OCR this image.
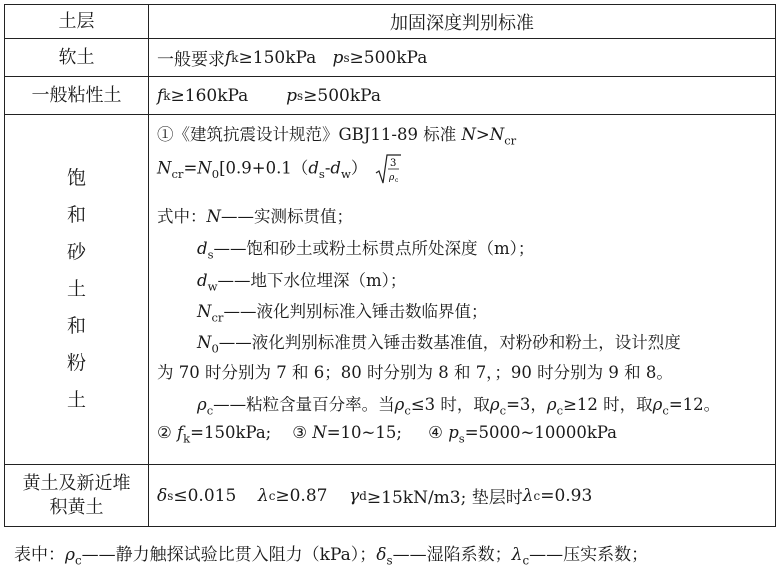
土层	加固深度判别标准
软土	一般要求 f k ≥150kPa
p s ≥500kPa
一般粘性土 f k ≥160kPa
p s ≥500kPa
饱
和
砂
土
和
粉
土
①《建筑抗震设计规范》GBJ11-89 标准 $N>N_{cr}$
$N_{cr}=N_0[0.9+0.1(d_s-d_w)$ 3
ρ c
式中：N——实测标贯值；
$d_s——$饱和砂土或粉土标贯点所处深度（m）；
$d_w——$地下水位埋深（m）；
$N_{cr}——$液化判别标准入锤击数临界值；
$N_0——$液化判别标准贯入锤击数基准值，对粉砂和粉土，设计烈度
为 70 时分别为 7 和 6；80 时分别为 8 和 7，；90 时分别为 9 和 8。
$\rho_c——$粘粒含量百分率。当$\rho_c\le 3$ 时，取$\rho_c=3$，$\rho_c\ge 12$ 时，取$\rho_c=12$。
② $f_k=150kPa$; ③ N=10~15; ④ $p_s=5000\sim 10000kPa$
黄土及新近堆
积黄土
δ s ≤0.015
λ c ≥0.87
γ d ≥15kN/m3; 垫层时 λ c =0.93
表中：$\rho_c——$静力触探试验比贯入阻力（kPa）；$\delta_s——$湿陷系数；$\lambda_c——$压实系数；
